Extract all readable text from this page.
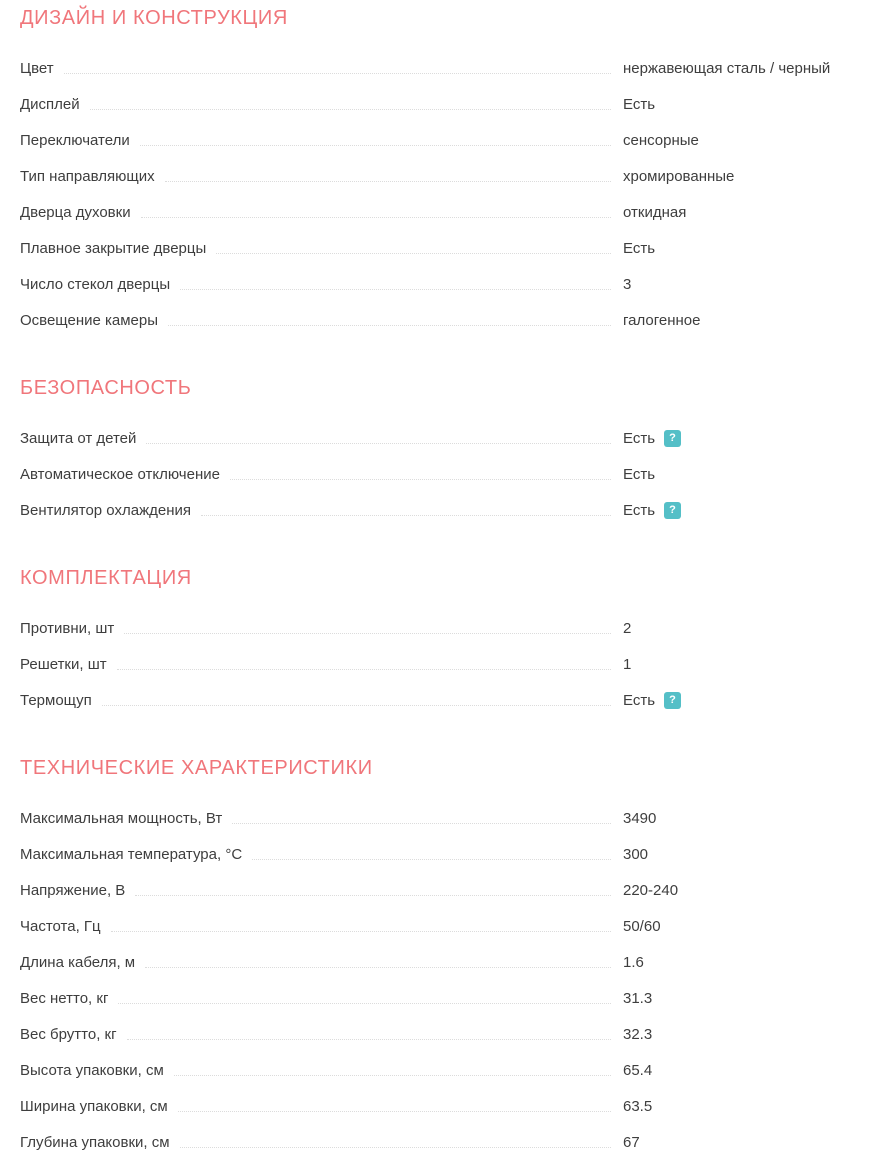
ДИЗАЙН И КОНСТРУКЦИЯ
Цвет	нержавеющая сталь / черный
Дисплей	Есть
Переключатели	сенсорные
Тип направляющих	хромированные
Дверца духовки	откидная
Плавное закрытие дверцы	Есть
Число стекол дверцы	3
Освещение камеры	галогенное
БЕЗОПАСНОСТЬ
Защита от детей	Есть	?
Автоматическое отключение	Есть
Вентилятор охлаждения	Есть	?
КОМПЛЕКТАЦИЯ
Противни, шт	2
Решетки, шт	1
Термощуп	Есть	?
ТЕХНИЧЕСКИЕ ХАРАКТЕРИСТИКИ
Максимальная мощность, Вт	3490
Максимальная температура, °С	300
Напряжение, В	220-240
Частота, Гц	50/60
Длина кабеля, м	1.6
Вес нетто, кг	31.3
Вес брутто, кг	32.3
Высота упаковки, см	65.4
Ширина упаковки, см	63.5
Глубина упаковки, см	67
